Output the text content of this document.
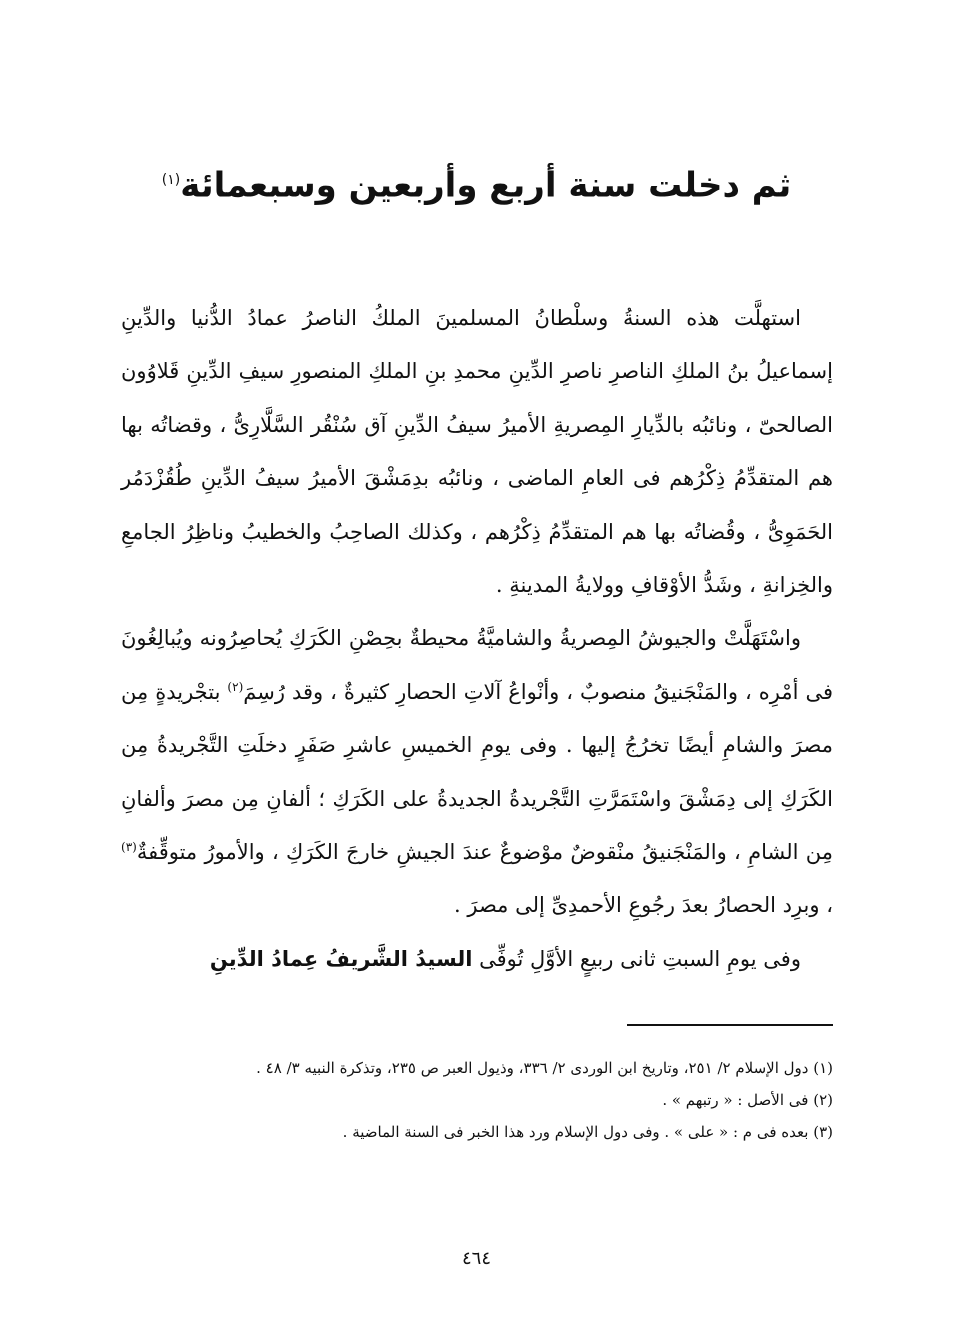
ثم دخلت سنة أربع وأربعين وسبعمائة$^{(١)}$

استهلَّت هذه السنةُ وسلْطانُ المسلمينَ الملكُ الناصرُ عمادُ الدُّنيا والدِّينِ إسماعيلُ بنُ الملكِ الناصرِ ناصرِ الدِّينِ محمدِ بنِ الملكِ المنصورِ سيفِ الدِّينِ قَلاوُون الصالحىّ ، ونائبُه بالدِّيارِ المِصريةِ الأميرُ سيفُ الدِّينِ آق سُنْقُر السَّلَّارِىُّ ، وقضاتُه بها هم المتقدِّمُ ذِكْرُهم فى العامِ الماضى ، ونائبُه بدِمَشْقَ الأميرُ سيفُ الدِّينِ طُقُزْدَمُر الحَمَوِىُّ ، وقُضاتُه بها هم المتقدِّمُ ذِكْرُهم ، وكذلك الصاحِبُ والخطيبُ وناظِرُ الجامعِ والخِزانةِ ، وشَدُّ الأوْقافِ وولايةُ المدينةِ .

واسْتَهَلَّتْ والجيوشُ المِصريةُ والشاميَّةُ محيطةٌ بحِصْنِ الكَرَكِ يُحاصِرُونه ويُبالِغُونَ فى أمْرِه ، والمَنْجَنيقُ منصوبٌ ، وأنْواعُ آلاتِ الحصارِ كثيرةٌ ، وقد رُسِمَ$^{(٢)}$ بتجْريدةٍ مِن مصرَ والشامِ أيضًا تخرُجُ إليها . وفى يومِ الخميسِ عاشرِ صَفَرٍ دخلَتِ التَّجْريدةُ مِن الكَرَكِ إلى دِمَشْقَ واسْتَمَرَّتِ التَّجْريدةُ الجديدةُ على الكَرَكِ ؛ ألفانِ مِن مصرَ وألفانِ مِن الشامِ ، والمَنْجَنيقُ منْقوضٌ موْضوعٌ عندَ الجيشِ خارجَ الكَرَكِ ، والأمورُ متوقِّفةٌ$^{(٣)}$ ، وبرِد الحصارُ بعدَ رجُوعِ الأحمدِىِّ إلى مصرَ .

وفى يومِ السبتِ ثانى ربيعٍ الأوَّلِ تُوفِّى السيدُ الشَّريفُ عِمادُ الدِّينِ

(١) دول الإسلام ٢/ ٢٥١، وتاريخ ابن الوردى ٢/ ٣٣٦، وذيول العبر ص ٢٣٥، وتذكرة النبيه ٣/ ٤٨ .

(٢) فى الأصل : « رتبهم » .

(٣) بعده فى م : « على » . وفى دول الإسلام ورد هذا الخبر فى السنة الماضية .

٤٦٤
